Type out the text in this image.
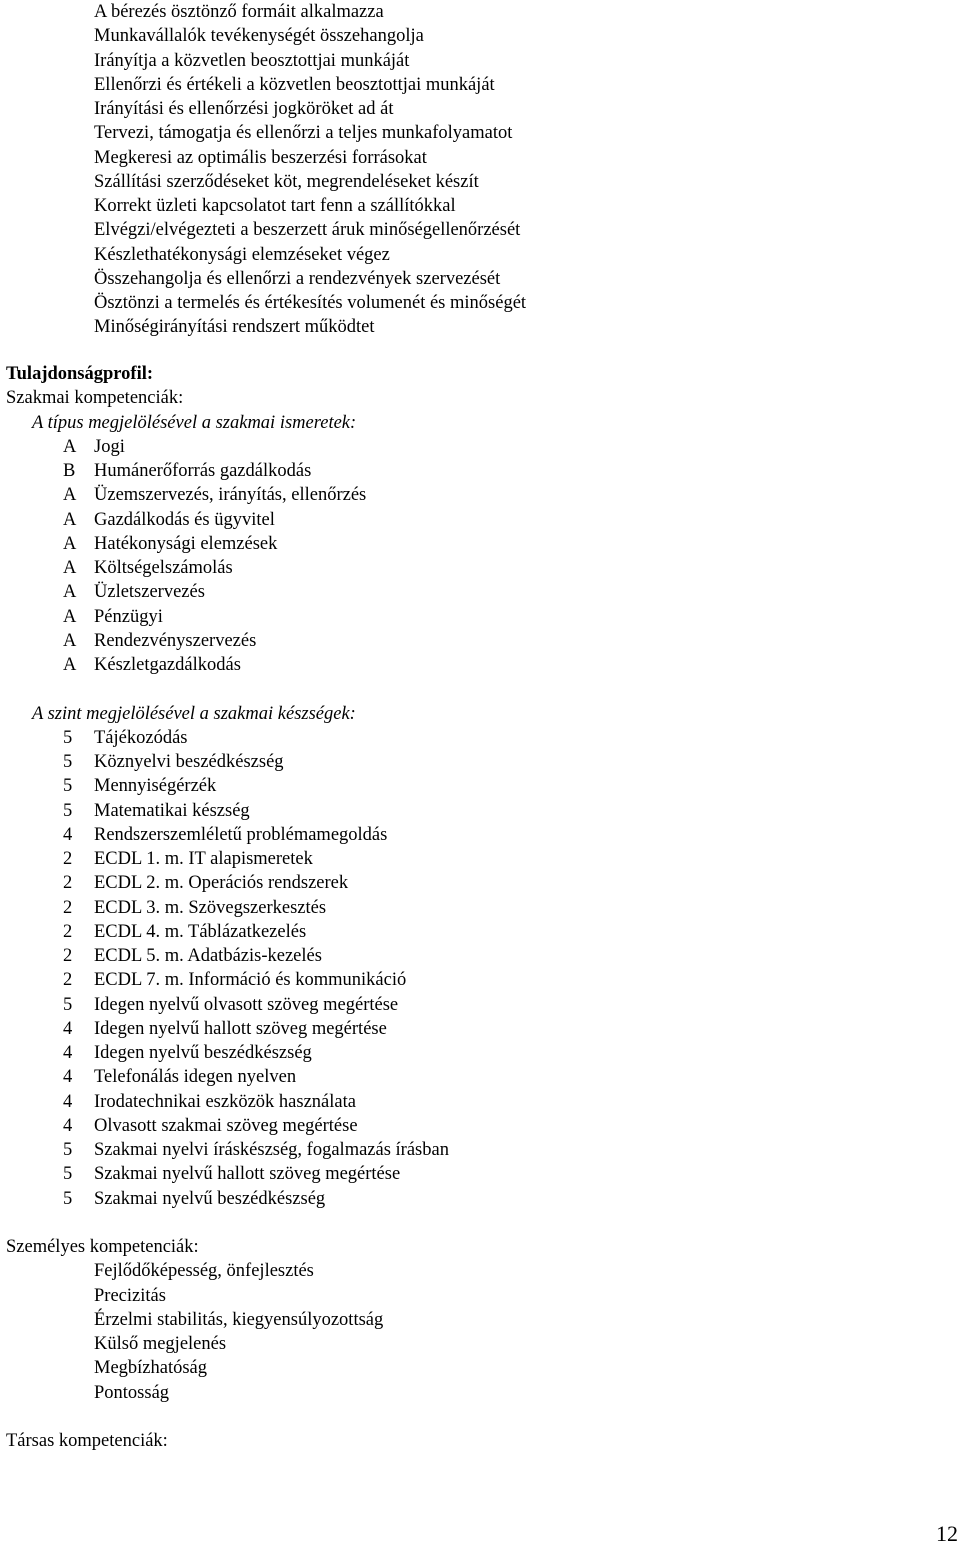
A bérezés ösztönző formáit alkalmazza
Munkavállalók tevékenységét összehangolja
Irányítja a közvetlen beosztottjai munkáját
Ellenőrzi és értékeli a közvetlen beosztottjai munkáját
Irányítási és ellenőrzési jogköröket ad át
Tervezi, támogatja és ellenőrzi a teljes munkafolyamatot
Megkeresi az optimális beszerzési forrásokat
Szállítási szerződéseket köt, megrendeléseket készít
Korrekt üzleti kapcsolatot tart fenn a szállítókkal
Elvégzi/elvégezteti a beszerzett áruk minőségellenőrzését
Készlethatékonysági elemzéseket végez
Összehangolja és ellenőrzi a rendezvények szervezését
Ösztönzi a termelés és értékesítés volumenét és minőségét
Minőségirányítási rendszert működtet
Tulajdonságprofil:
Szakmai kompetenciák:
A típus megjelölésével a szakmai ismeretek:
A Jogi
B	Humánerőforrás gazdálkodás
A Üzemszervezés, irányítás, ellenőrzés
A Gazdálkodás és ügyvitel
A Hatékonysági elemzések
A Költségelszámolás
A Üzletszervezés
A Pénzügyi
A Rendezvényszervezés
A Készletgazdálkodás
A szint megjelölésével a szakmai készségek:
5	Tájékozódás
5	Köznyelvi beszédkészség
5	Mennyiségérzék
5	Matematikai készség
4	Rendszerszemléletű problémamegoldás
2	ECDL 1. m. IT alapismeretek
2	ECDL 2. m. Operációs rendszerek
2	ECDL 3. m. Szövegszerkesztés
2	ECDL 4. m. Táblázatkezelés
2	ECDL 5. m. Adatbázis-kezelés
2	ECDL 7. m. Információ és kommunikáció
5	Idegen nyelvű olvasott szöveg megértése
4	Idegen nyelvű hallott szöveg megértése
4	Idegen nyelvű beszédkészség
4	Telefonálás idegen nyelven
4	Irodatechnikai eszközök használata
4	Olvasott szakmai szöveg megértése
5	Szakmai nyelvi íráskészség, fogalmazás írásban
5	Szakmai nyelvű hallott szöveg megértése
5	Szakmai nyelvű beszédkészség
Személyes kompetenciák:
Fejlődőképesség, önfejlesztés
Precizitás
Érzelmi stabilitás, kiegyensúlyozottság
Külső megjelenés
Megbízhatóság
Pontosság
Társas kompetenciák:
12
